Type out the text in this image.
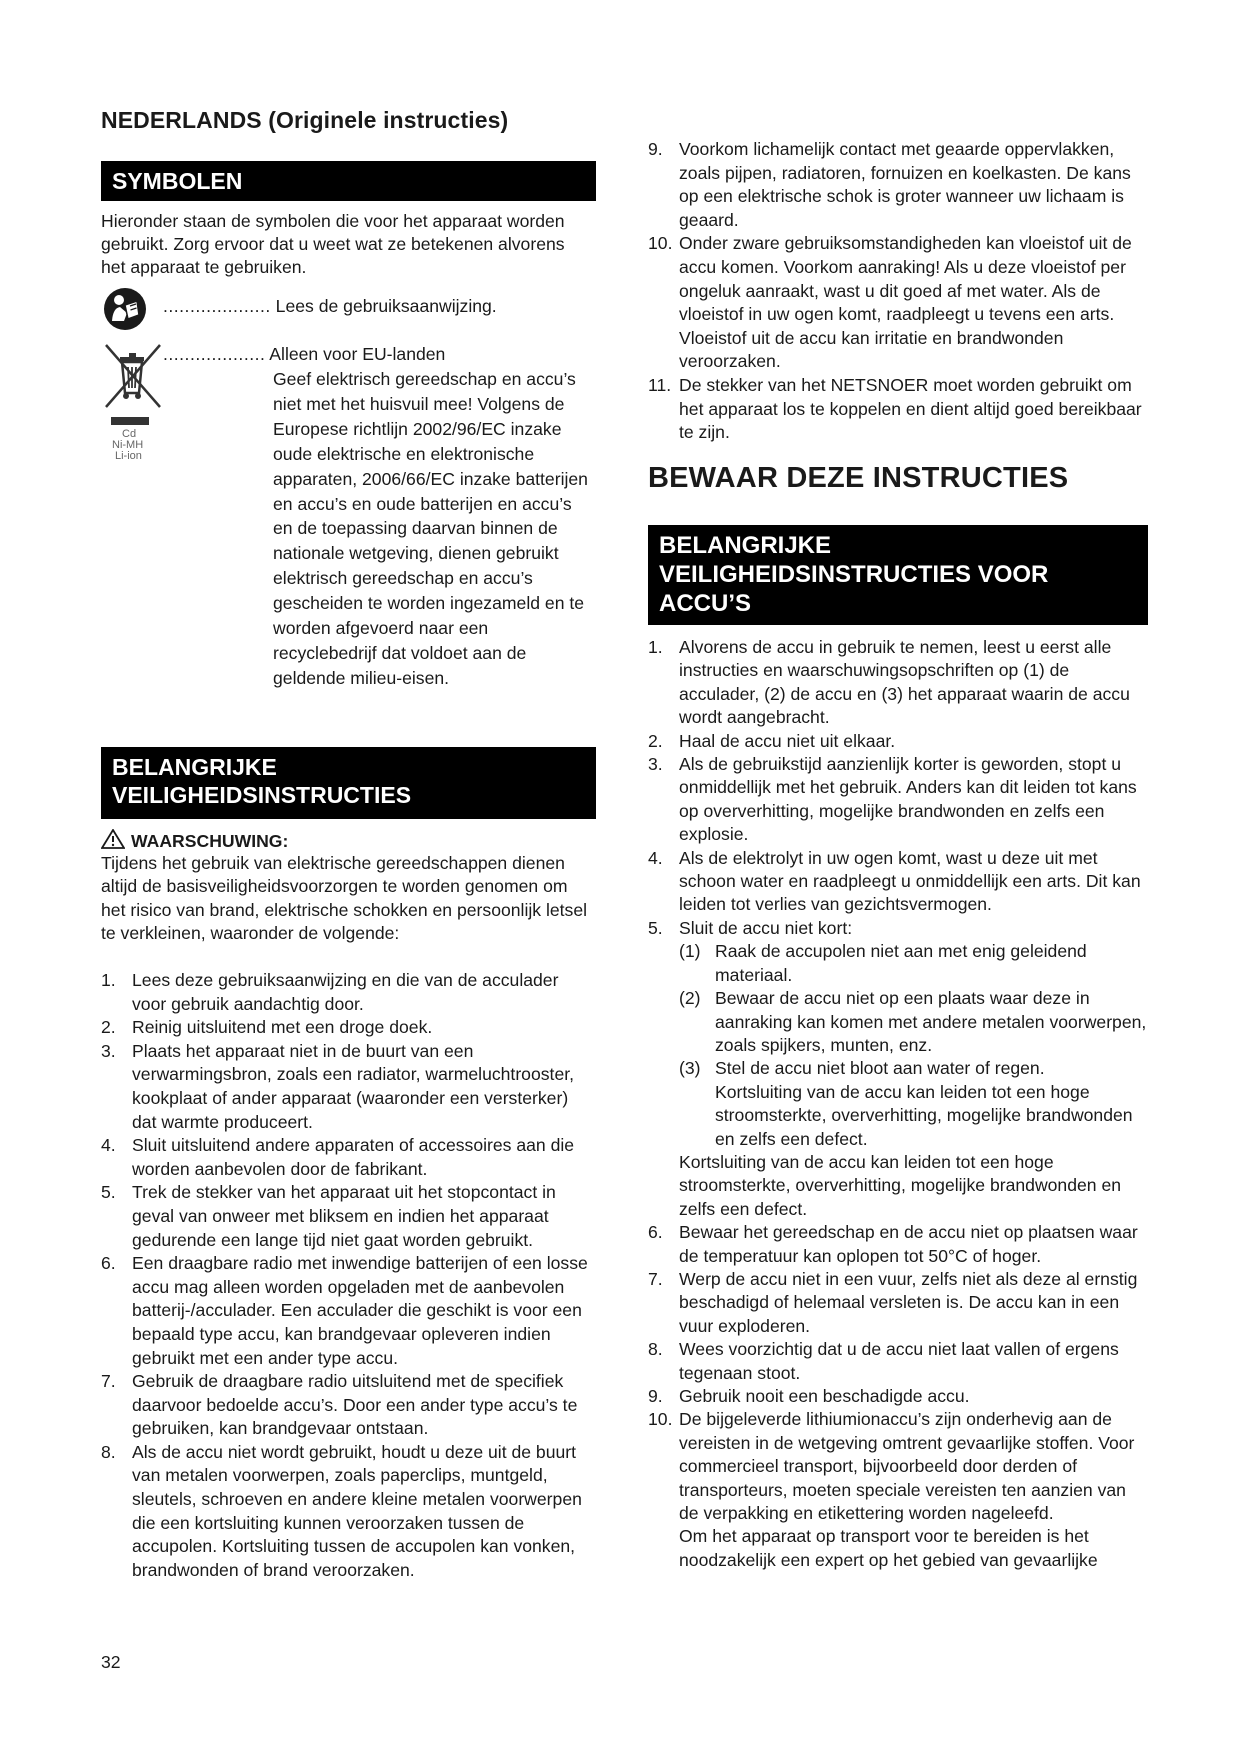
NEDERLANDS (Originele instructies)
SYMBOLEN
Hieronder staan de symbolen die voor het apparaat worden gebruikt. Zorg ervoor dat u weet wat ze betekenen alvorens het apparaat te gebruiken.
.................... Lees de gebruiksaanwijzing.
Cd
Ni-MH
Li-ion
................... Alleen voor EU-landen
Geef elektrisch gereedschap en accu’s niet met het huisvuil mee! Volgens de Europese richtlijn 2002/96/EC inzake oude elektrische en elektronische apparaten, 2006/66/EC inzake batterijen en accu’s en oude batterijen en accu’s en de toepassing daarvan binnen de nationale wetgeving, dienen gebruikt elektrisch gereedschap en accu’s gescheiden te worden ingezameld en te worden afgevoerd naar een recyclebedrijf dat voldoet aan de geldende milieu-eisen.
BELANGRIJKE
VEILIGHEIDSINSTRUCTIES
WAARSCHUWING:
Tijdens het gebruik van elektrische gereedschappen dienen altijd de basisveiligheidsvoorzorgen te worden genomen om het risico van brand, elektrische schokken en persoonlijk letsel te verkleinen, waaronder de volgende:
1. Lees deze gebruiksaanwijzing en die van de acculader voor gebruik aandachtig door.
2. Reinig uitsluitend met een droge doek.
3. Plaats het apparaat niet in de buurt van een verwarmingsbron, zoals een radiator, warmeluchtrooster, kookplaat of ander apparaat (waaronder een versterker) dat warmte produceert.
4. Sluit uitsluitend andere apparaten of accessoires aan die worden aanbevolen door de fabrikant.
5. Trek de stekker van het apparaat uit het stopcontact in geval van onweer met bliksem en indien het apparaat gedurende een lange tijd niet gaat worden gebruikt.
6. Een draagbare radio met inwendige batterijen of een losse accu mag alleen worden opgeladen met de aanbevolen batterij-/acculader. Een acculader die geschikt is voor een bepaald type accu, kan brandgevaar opleveren indien gebruikt met een ander type accu.
7. Gebruik de draagbare radio uitsluitend met de specifiek daarvoor bedoelde accu’s. Door een ander type accu’s te gebruiken, kan brandgevaar ontstaan.
8. Als de accu niet wordt gebruikt, houdt u deze uit de buurt van metalen voorwerpen, zoals paperclips, muntgeld, sleutels, schroeven en andere kleine metalen voorwerpen die een kortsluiting kunnen veroorzaken tussen de accupolen. Kortsluiting tussen de accupolen kan vonken, brandwonden of brand veroorzaken.
32
9. Voorkom lichamelijk contact met geaarde oppervlakken, zoals pijpen, radiatoren, fornuizen en koelkasten. De kans op een elektrische schok is groter wanneer uw lichaam is geaard.
10. Onder zware gebruiksomstandigheden kan vloeistof uit de accu komen. Voorkom aanraking! Als u deze vloeistof per ongeluk aanraakt, wast u dit goed af met water. Als de vloeistof in uw ogen komt, raadpleegt u tevens een arts. Vloeistof uit de accu kan irritatie en brandwonden veroorzaken.
11. De stekker van het NETSNOER moet worden gebruikt om het apparaat los te koppelen en dient altijd goed bereikbaar te zijn.
BEWAAR DEZE INSTRUCTIES
BELANGRIJKE
VEILIGHEIDSINSTRUCTIES VOOR
ACCU’S
1. Alvorens de accu in gebruik te nemen, leest u eerst alle instructies en waarschuwingsopschriften op (1) de acculader, (2) de accu en (3) het apparaat waarin de accu wordt aangebracht.
2. Haal de accu niet uit elkaar.
3. Als de gebruikstijd aanzienlijk korter is geworden, stopt u onmiddellijk met het gebruik. Anders kan dit leiden tot kans op oververhitting, mogelijke brandwonden en zelfs een explosie.
4. Als de elektrolyt in uw ogen komt, wast u deze uit met schoon water en raadpleegt u onmiddellijk een arts. Dit kan leiden tot verlies van gezichtsvermogen.
5. Sluit de accu niet kort:
(1) Raak de accupolen niet aan met enig geleidend materiaal.
(2) Bewaar de accu niet op een plaats waar deze in aanraking kan komen met andere metalen voorwerpen, zoals spijkers, munten, enz.
(3) Stel de accu niet bloot aan water of regen.
Kortsluiting van de accu kan leiden tot een hoge stroomsterkte, oververhitting, mogelijke brandwonden en zelfs een defect.
Kortsluiting van de accu kan leiden tot een hoge stroomsterkte, oververhitting, mogelijke brandwonden en zelfs een defect.
6. Bewaar het gereedschap en de accu niet op plaatsen waar de temperatuur kan oplopen tot 50°C of hoger.
7. Werp de accu niet in een vuur, zelfs niet als deze al ernstig beschadigd of helemaal versleten is. De accu kan in een vuur exploderen.
8. Wees voorzichtig dat u de accu niet laat vallen of ergens tegenaan stoot.
9. Gebruik nooit een beschadigde accu.
10. De bijgeleverde lithiumionaccu’s zijn onderhevig aan de vereisten in de wetgeving omtrent gevaarlijke stoffen. Voor commercieel transport, bijvoorbeeld door derden of transporteurs, moeten speciale vereisten ten aanzien van de verpakking en etikettering worden nageleefd.
Om het apparaat op transport voor te bereiden is het noodzakelijk een expert op het gebied van gevaarlijke
